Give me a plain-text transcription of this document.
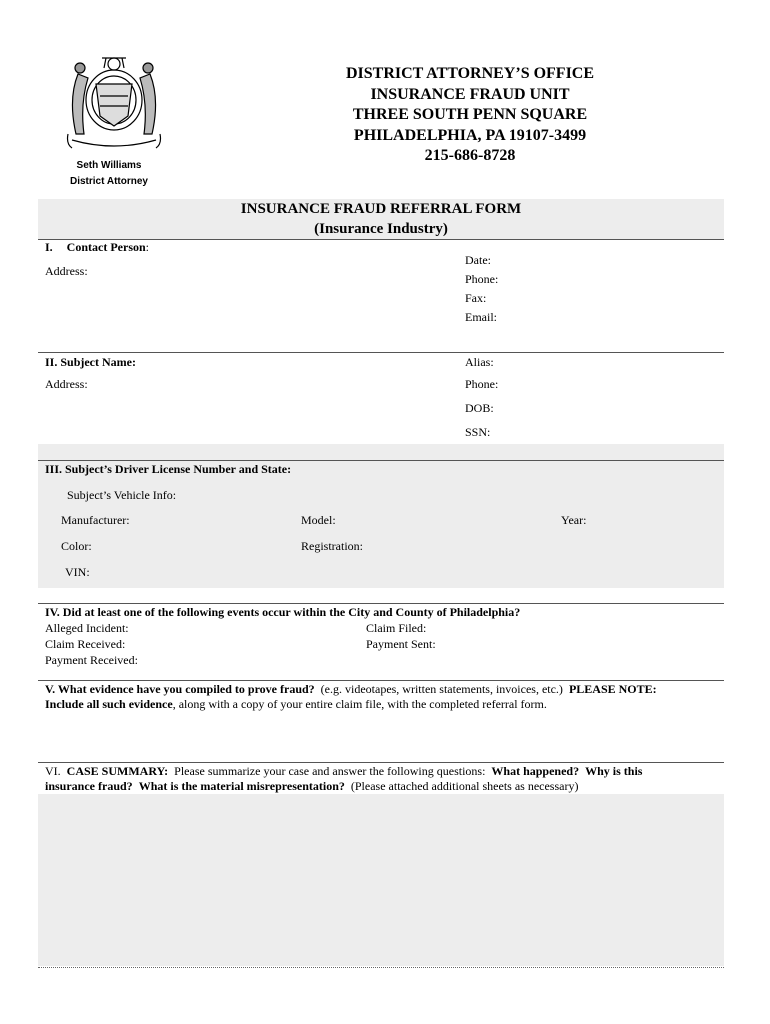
Seth Williams
District Attorney
DISTRICT ATTORNEY’S OFFICE
INSURANCE FRAUD UNIT
THREE SOUTH PENN SQUARE
PHILADELPHIA, PA 19107-3499
215-686-8728
INSURANCE FRAUD REFERRAL FORM
(Insurance Industry)
I. Contact Person:
Address:
Date:
Phone:
Fax:
Email:
II. Subject Name:	Alias:
Address:	Phone:
DOB:
SSN:
III. Subject’s Driver License Number and State:
Subject’s Vehicle Info:
Manufacturer:	Model:	Year:
Color:	Registration:
VIN:
IV. Did at least one of the following events occur within the City and County of Philadelphia?
Alleged Incident:	Claim Filed:
Claim Received:	Payment Sent:
Payment Received:
V. What evidence have you compiled to prove fraud?  (e.g. videotapes, written statements, invoices, etc.)  PLEASE NOTE:
Include all such evidence, along with a copy of your entire claim file, with the completed referral form.
VI.  CASE SUMMARY:  Please summarize your case and answer the following questions:  What happened? Why is this
insurance fraud? What is the material misrepresentation?  (Please attached additional sheets as necessary)
